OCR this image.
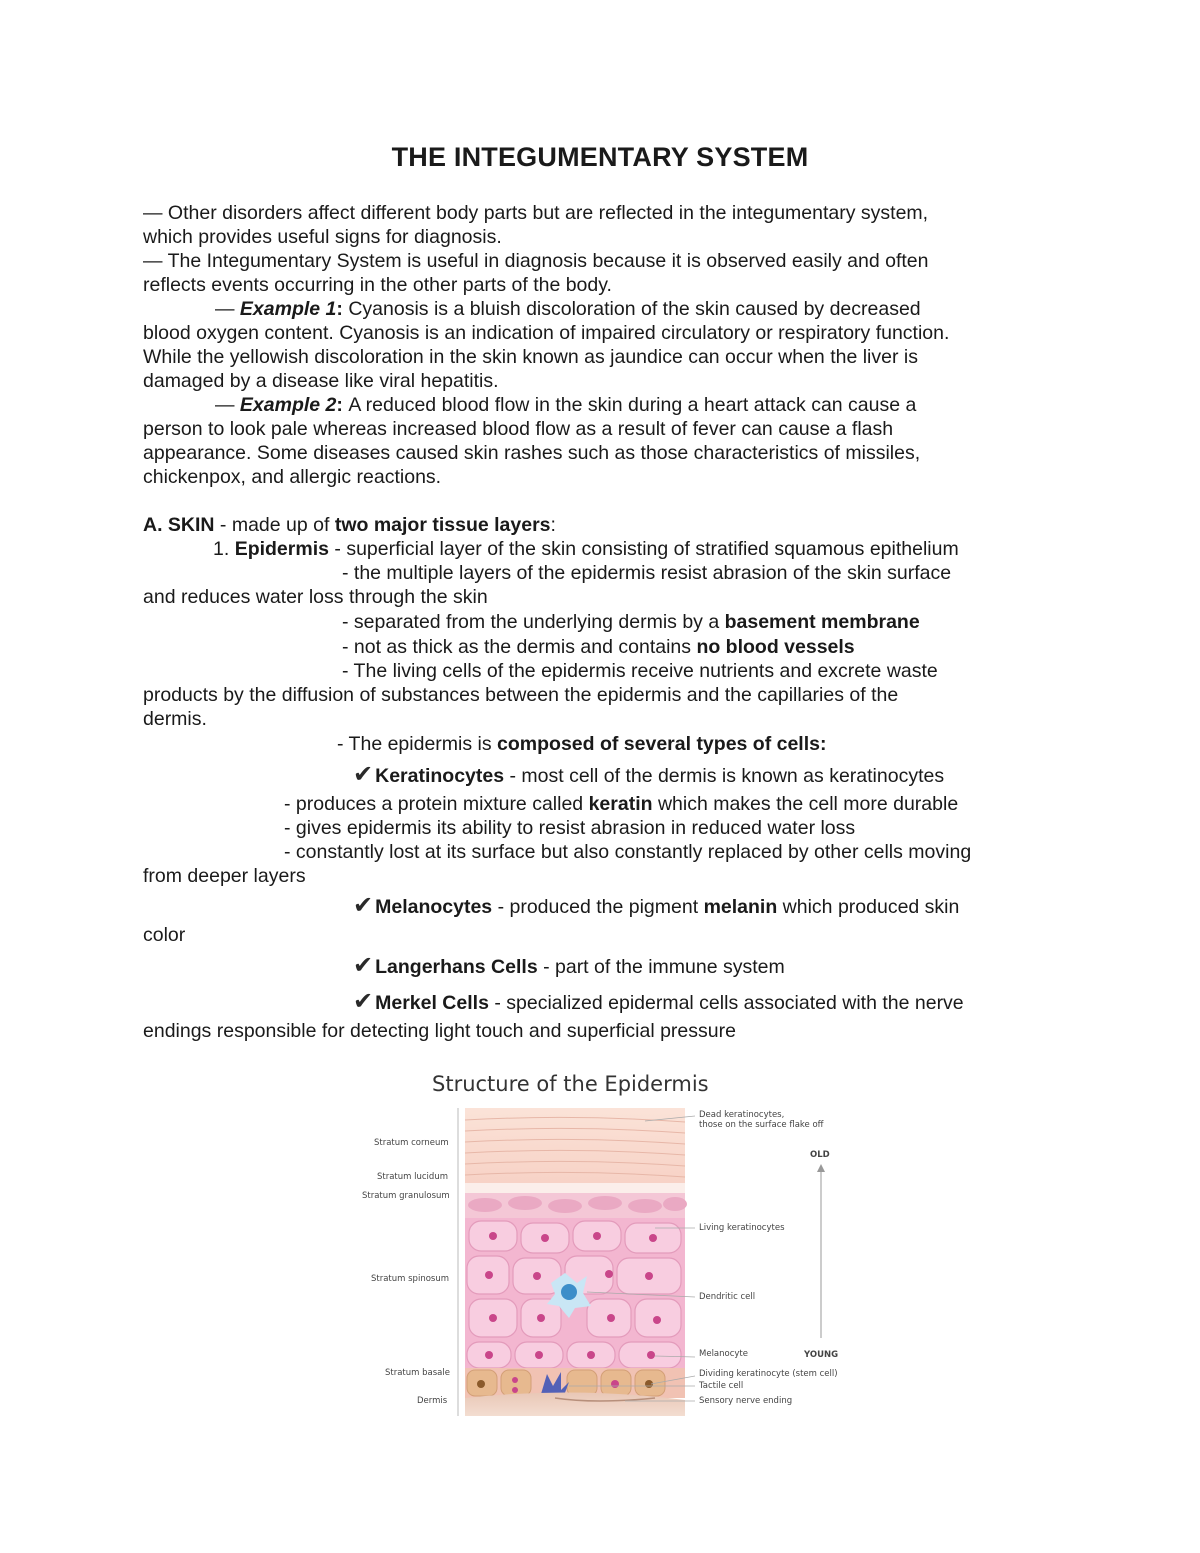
THE INTEGUMENTARY SYSTEM
— Other disorders affect different body parts but are reflected in the integumentary system,
which provides useful signs for diagnosis.
— The Integumentary System is useful in diagnosis because it is observed easily and often
reflects events occurring in the other parts of the body.
— Example 1: Cyanosis is a bluish discoloration of the skin caused by decreased
blood oxygen content. Cyanosis is an indication of impaired circulatory or respiratory function.
While the yellowish discoloration in the skin known as jaundice can occur when the liver is
damaged by a disease like viral hepatitis.
— Example 2: A reduced blood flow in the skin during a heart attack can cause a
person to look pale whereas increased blood flow as a result of fever can cause a flash
appearance. Some diseases caused skin rashes such as those characteristics of missiles,
chickenpox, and allergic reactions.
A. SKIN - made up of two major tissue layers:
1. Epidermis - superficial layer of the skin consisting of stratified squamous epithelium
- the multiple layers of the epidermis resist abrasion of the skin surface
and reduces water loss through the skin
- separated from the underlying dermis by a basement membrane
- not as thick as the dermis and contains no blood vessels
- The living cells of the epidermis receive nutrients and excrete waste
products by the diffusion of substances between the epidermis and the capillaries of the
dermis.
- The epidermis is composed of several types of cells:
✔ Keratinocytes - most cell of the dermis is known as keratinocytes
- produces a protein mixture called keratin which makes the cell more durable
- gives epidermis its ability to resist abrasion in reduced water loss
- constantly lost at its surface but also constantly replaced by other cells moving
from deeper layers
✔ Melanocytes - produced the pigment melanin which produced skin
color
✔ Langerhans Cells - part of the immune system
✔ Merkel Cells - specialized epidermal cells associated with the nerve
endings responsible for detecting light touch and superficial pressure
Structure of the Epidermis
Stratum corneum
Stratum lucidum
Stratum granulosum
Stratum spinosum
Stratum basale
Dermis
Dead keratinocytes,
those on the surface flake off
Living keratinocytes
Dendritic cell
Melanocyte
Dividing keratinocyte (stem cell)
Tactile cell
Sensory nerve ending
OLD
YOUNG
